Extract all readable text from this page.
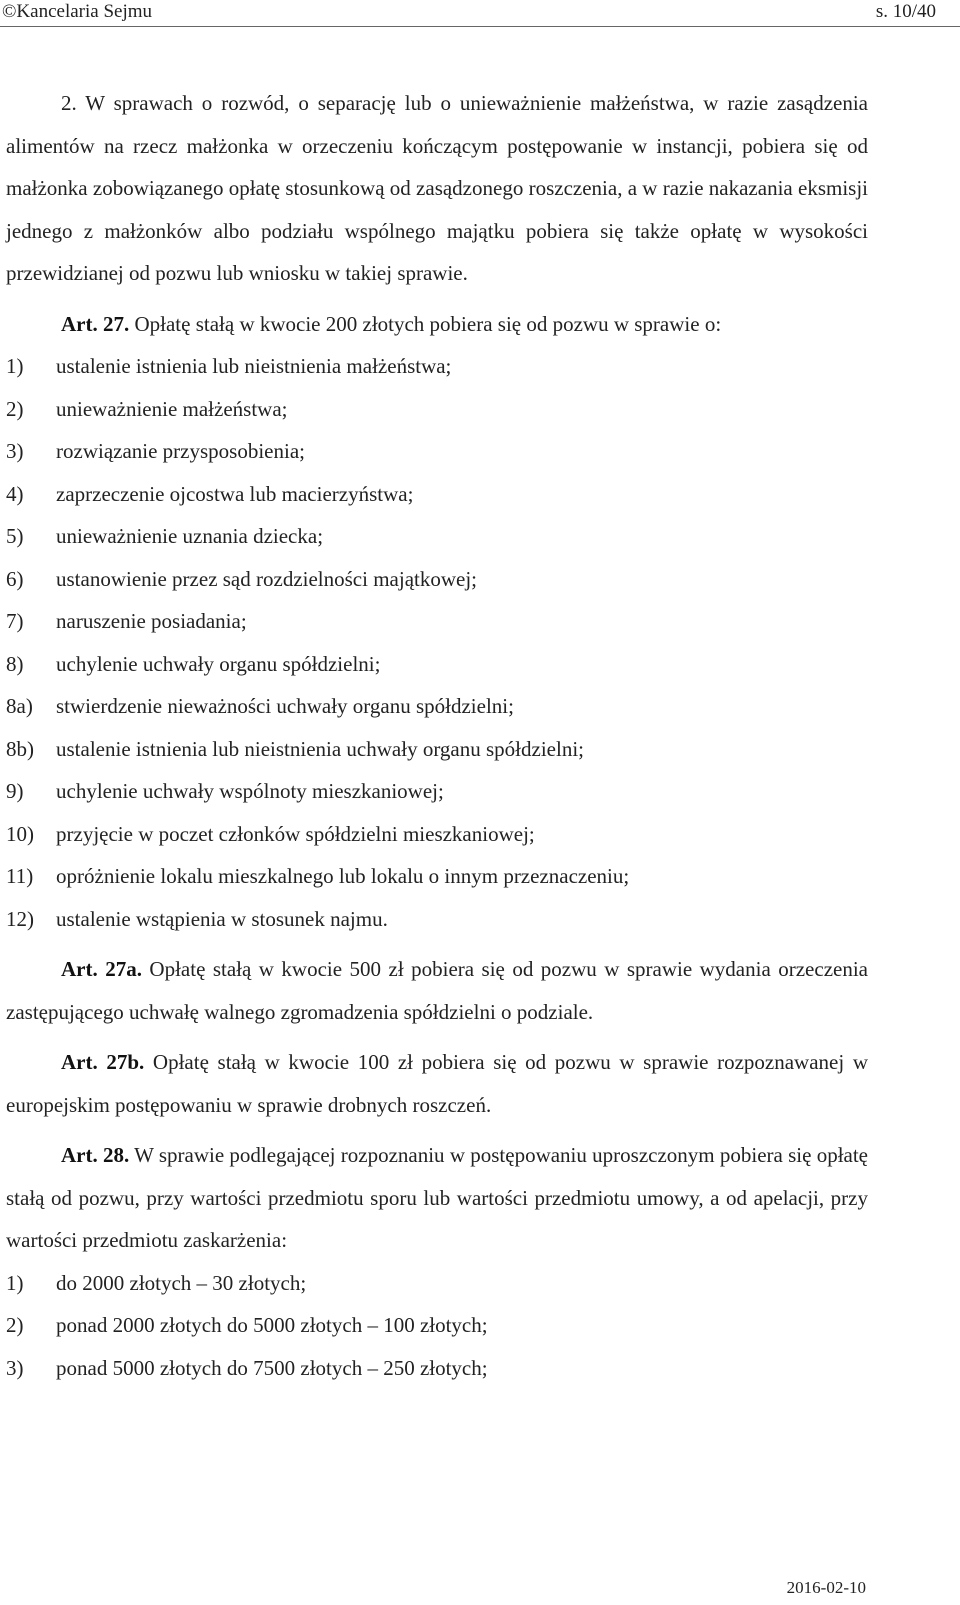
©Kancelaria Sejmu	s. 10/40

2. W sprawach o rozwód, o separację lub o unieważnienie małżeństwa, w razie zasądzenia alimentów na rzecz małżonka w orzeczeniu kończącym postępowanie w instancji, pobiera się od małżonka zobowiązanego opłatę stosunkową od zasądzonego roszczenia, a w razie nakazania eksmisji jednego z małżonków albo podziału wspólnego majątku pobiera się także opłatę w wysokości przewidzianej od pozwu lub wniosku w takiej sprawie.

Art. 27. Opłatę stałą w kwocie 200 złotych pobiera się od pozwu w sprawie o:

1)	ustalenie istnienia lub nieistnienia małżeństwa;
2)	unieważnienie małżeństwa;
3)	rozwiązanie przysposobienia;
4)	zaprzeczenie ojcostwa lub macierzyństwa;
5)	unieważnienie uznania dziecka;
6)	ustanowienie przez sąd rozdzielności majątkowej;
7)	naruszenie posiadania;
8)	uchylenie uchwały organu spółdzielni;
8a)	stwierdzenie nieważności uchwały organu spółdzielni;
8b)	ustalenie istnienia lub nieistnienia uchwały organu spółdzielni;
9)	uchylenie uchwały wspólnoty mieszkaniowej;
10)	przyjęcie w poczet członków spółdzielni mieszkaniowej;
11)	opróżnienie lokalu mieszkalnego lub lokalu o innym przeznaczeniu;
12)	ustalenie wstąpienia w stosunek najmu.

Art. 27a. Opłatę stałą w kwocie 500 zł pobiera się od pozwu w sprawie wydania orzeczenia zastępującego uchwałę walnego zgromadzenia spółdzielni o podziale.

Art. 27b. Opłatę stałą w kwocie 100 zł pobiera się od pozwu w sprawie rozpoznawanej w europejskim postępowaniu w sprawie drobnych roszczeń.

Art. 28. W sprawie podlegającej rozpoznaniu w postępowaniu uproszczonym pobiera się opłatę stałą od pozwu, przy wartości przedmiotu sporu lub wartości przedmiotu umowy, a od apelacji, przy wartości przedmiotu zaskarżenia:

1)	do 2000 złotych – 30 złotych;
2)	ponad 2000 złotych do 5000 złotych – 100 złotych;
3)	ponad 5000 złotych do 7500 złotych – 250 złotych;
2016-02-10
